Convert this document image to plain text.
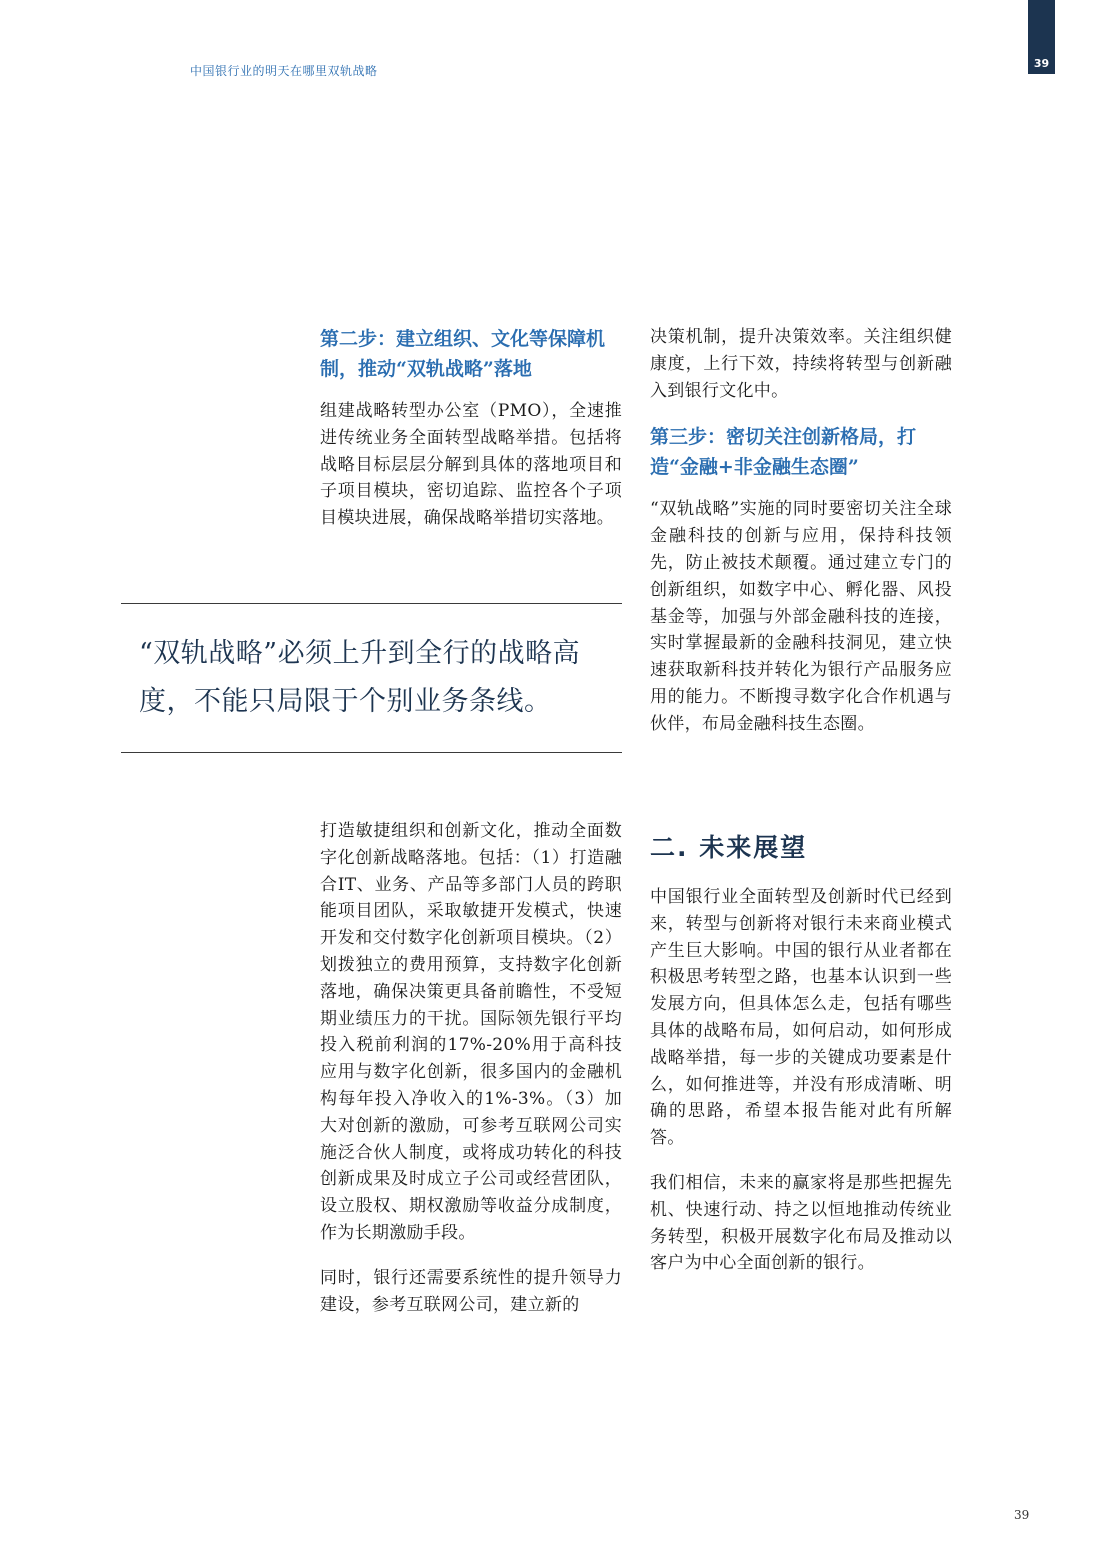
中国银行业的明天在哪里双轨战略
39
第二步：建立组织、文化等保障机制，推动“双轨战略”落地

组建战略转型办公室（PMO），全速推进传统业务全面转型战略举措。包括将战略目标层层分解到具体的落地项目和子项目模块，密切追踪、监控各个子项目模块进展，确保战略举措切实落地。

“双轨战略”必须上升到全行的战略高度，不能只局限于个别业务条线。

打造敏捷组织和创新文化，推动全面数字化创新战略落地。包括：（1）打造融合IT、业务、产品等多部门人员的跨职能项目团队，采取敏捷开发模式，快速开发和交付数字化创新项目模块。（2）划拨独立的费用预算，支持数字化创新落地，确保决策更具备前瞻性，不受短期业绩压力的干扰。国际领先银行平均投入税前利润的17%-20%用于高科技应用与数字化创新，很多国内的金融机构每年投入净收入的1%-3%。（3）加大对创新的激励，可参考互联网公司实施泛合伙人制度，或将成功转化的科技创新成果及时成立子公司或经营团队，设立股权、期权激励等收益分成制度，作为长期激励手段。

同时，银行还需要系统性的提升领导力建设，参考互联网公司，建立新的

决策机制，提升决策效率。关注组织健康度，上行下效，持续将转型与创新融入到银行文化中。

第三步：密切关注创新格局，打造“金融+非金融生态圈”

“双轨战略”实施的同时要密切关注全球金融科技的创新与应用，保持科技领先，防止被技术颠覆。通过建立专门的创新组织，如数字中心、孵化器、风投基金等，加强与外部金融科技的连接，实时掌握最新的金融科技洞见，建立快速获取新科技并转化为银行产品服务应用的能力。不断搜寻数字化合作机遇与伙伴，布局金融科技生态圈。

二. 未来展望

中国银行业全面转型及创新时代已经到来，转型与创新将对银行未来商业模式产生巨大影响。中国的银行从业者都在积极思考转型之路，也基本认识到一些发展方向，但具体怎么走，包括有哪些具体的战略布局，如何启动，如何形成战略举措，每一步的关键成功要素是什么，如何推进等，并没有形成清晰、明确的思路，希望本报告能对此有所解答。

我们相信，未来的赢家将是那些把握先机、快速行动、持之以恒地推动传统业务转型，积极开展数字化布局及推动以客户为中心全面创新的银行。

39
